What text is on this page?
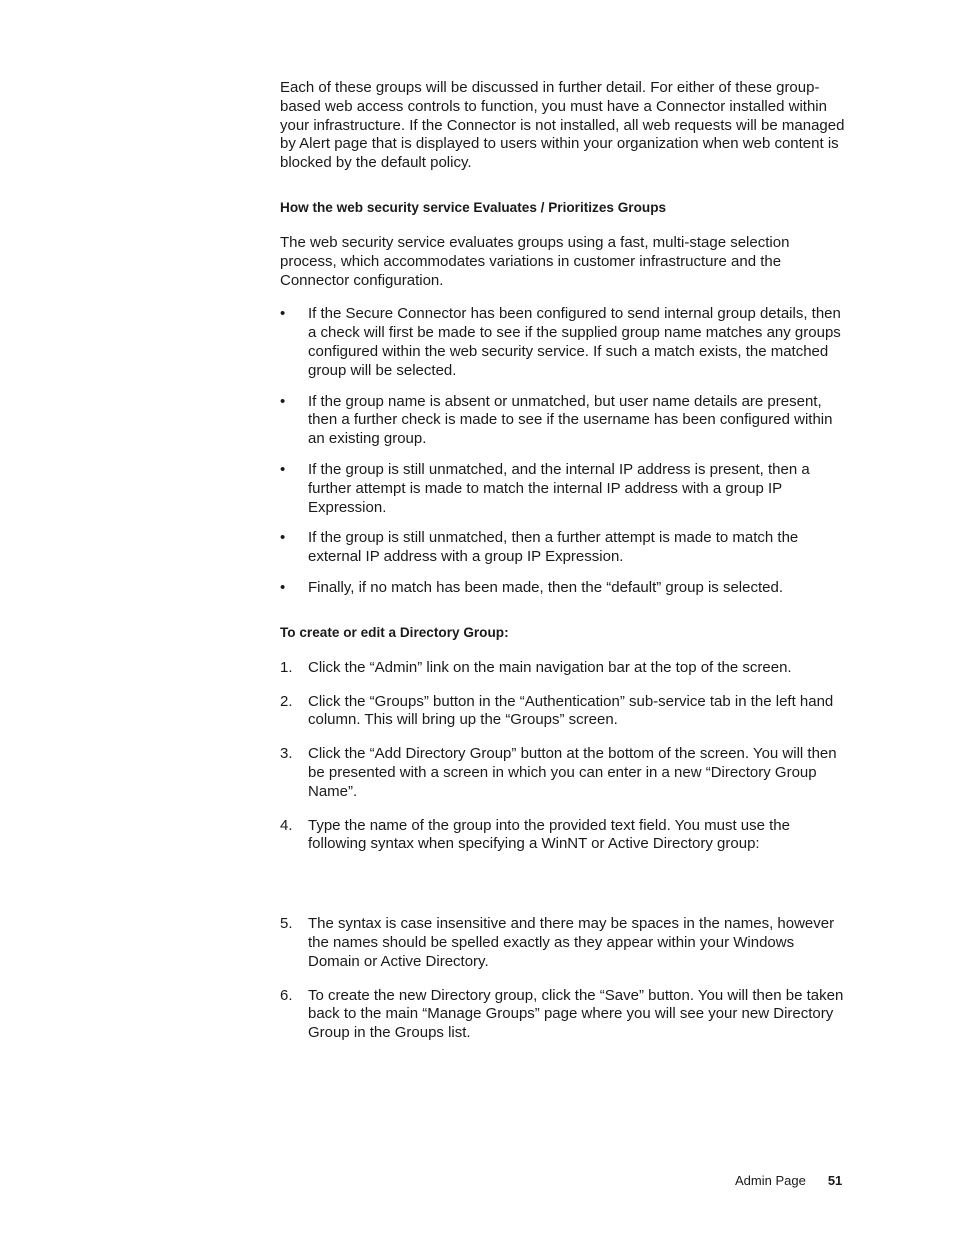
Each of these groups will be discussed in further detail. For either of these group-based web access controls to function, you must have a Connector installed within your infrastructure. If the Connector is not installed, all web requests will be managed by Alert page that is displayed to users within your organization when web content is blocked by the default policy.

How the web security service Evaluates / Prioritizes Groups

The web security service evaluates groups using a fast, multi-stage selection process, which accommodates variations in customer infrastructure and the Connector configuration.

•	If the Secure Connector has been configured to send internal group details, then a check will first be made to see if the supplied group name matches any groups configured within the web security service. If such a match exists, the matched group will be selected.
•	If the group name is absent or unmatched, but user name details are present, then a further check is made to see if the username has been configured within an existing group.
•	If the group is still unmatched, and the internal IP address is present, then a further attempt is made to match the internal IP address with a group IP Expression.
•	If the group is still unmatched, then a further attempt is made to match the external IP address with a group IP Expression.
•	Finally, if no match has been made, then the “default” group is selected.
To create or edit a Directory Group:
1.	Click the “Admin” link on the main navigation bar at the top of the screen.
2.	Click the “Groups” button in the “Authentication” sub-service tab in the left hand column. This will bring up the “Groups” screen.
3.	Click the “Add Directory Group” button at the bottom of the screen. You will then be presented with a screen in which you can enter in a new “Directory Group Name”.
4.	Type the name of the group into the provided text field. You must use the following syntax when specifying a WinNT or Active Directory group:
5.	The syntax is case insensitive and there may be spaces in the names, however the names should be spelled exactly as they appear within your Windows Domain or Active Directory.
6.	To create the new Directory group, click the “Save” button. You will then be taken back to the main “Manage Groups” page where you will see your new Directory Group in the Groups list.
Admin Page 51
